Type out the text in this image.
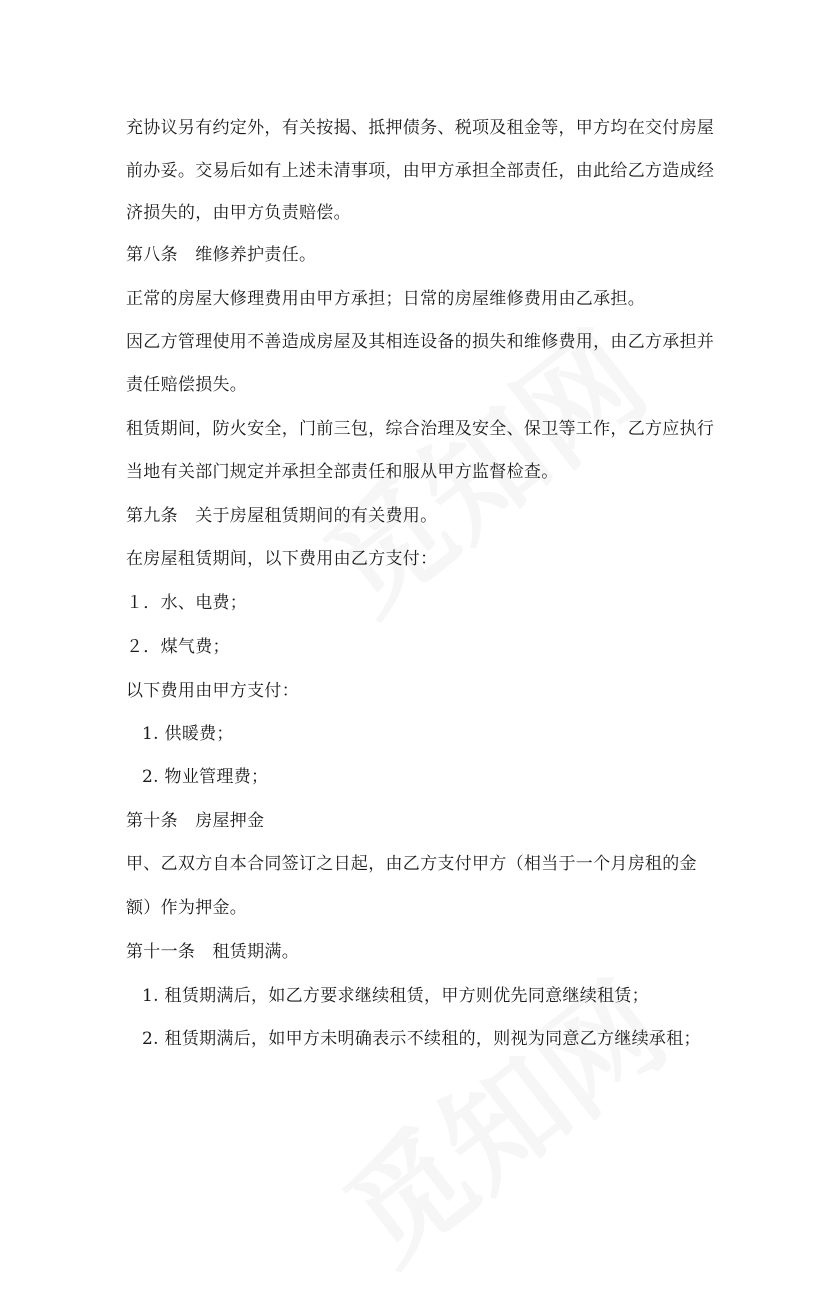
充协议另有约定外，有关按揭、抵押债务、税项及租金等，甲方均在交付房屋
前办妥。交易后如有上述未清事项，由甲方承担全部责任，由此给乙方造成经
济损失的，由甲方负责赔偿。
第八条　维修养护责任。
正常的房屋大修理费用由甲方承担；日常的房屋维修费用由乙承担。
因乙方管理使用不善造成房屋及其相连设备的损失和维修费用，由乙方承担并
责任赔偿损失。
租赁期间，防火安全，门前三包，综合治理及安全、保卫等工作，乙方应执行
当地有关部门规定并承担全部责任和服从甲方监督检查。
第九条　关于房屋租赁期间的有关费用。
在房屋租赁期间，以下费用由乙方支付：
１．水、电费；
２．煤气费；
以下费用由甲方支付：
1. 供暖费；
2. 物业管理费；
第十条　房屋押金
甲、乙双方自本合同签订之日起，由乙方支付甲方（相当于一个月房租的金
额）作为押金。
第十一条　租赁期满。
1. 租赁期满后，如乙方要求继续租赁，甲方则优先同意继续租赁；
2. 租赁期满后，如甲方未明确表示不续租的，则视为同意乙方继续承租；
